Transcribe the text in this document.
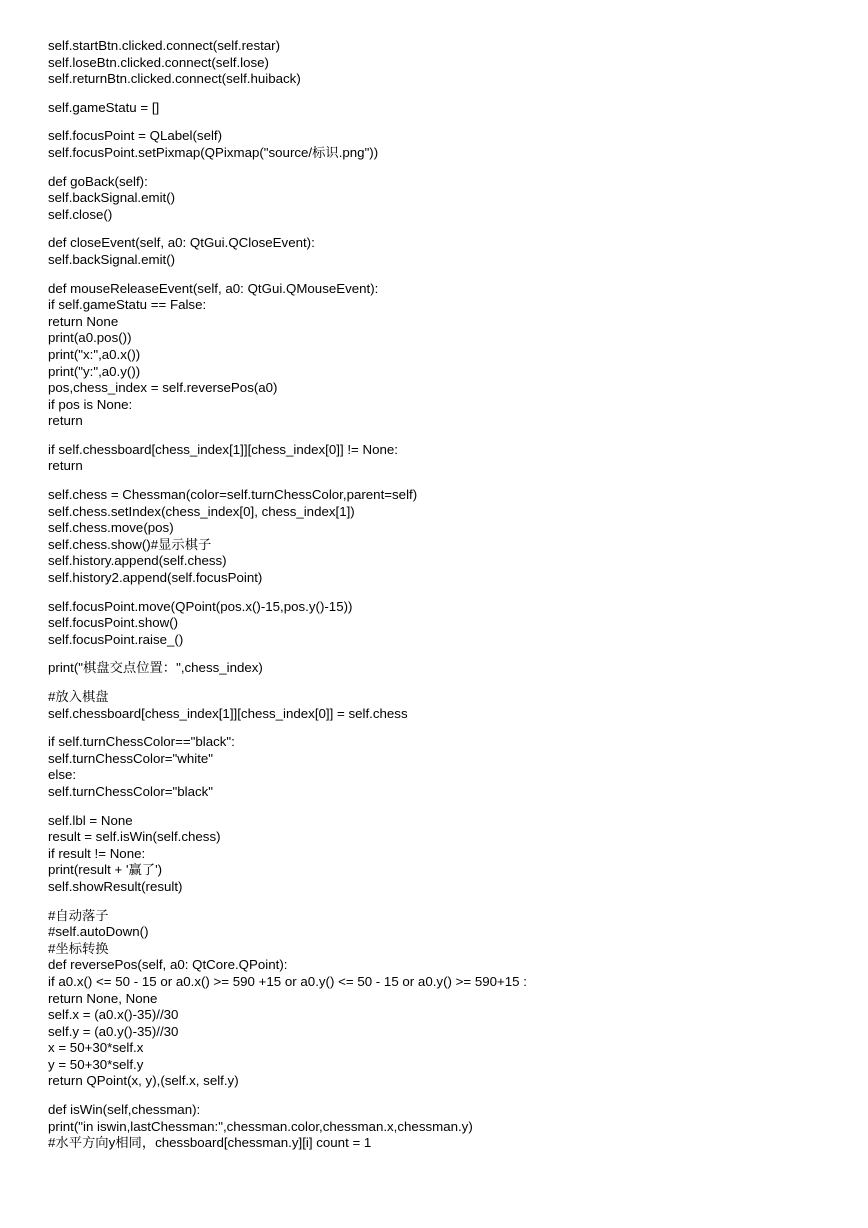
self.startBtn.clicked.connect(self.restar)
self.loseBtn.clicked.connect(self.lose)
self.returnBtn.clicked.connect(self.huiback)
self.gameStatu = []
self.focusPoint = QLabel(self)
self.focusPoint.setPixmap(QPixmap("source/标识.png"))
def goBack(self):
self.backSignal.emit()
self.close()
def closeEvent(self, a0: QtGui.QCloseEvent):
self.backSignal.emit()
def mouseReleaseEvent(self, a0: QtGui.QMouseEvent):
if self.gameStatu == False:
return None
print(a0.pos())
print("x:",a0.x())
print("y:",a0.y())
pos,chess_index = self.reversePos(a0)
if pos is None:
return
if self.chessboard[chess_index[1]][chess_index[0]] != None:
return
self.chess = Chessman(color=self.turnChessColor,parent=self)
self.chess.setIndex(chess_index[0], chess_index[1])
self.chess.move(pos)
self.chess.show()#显示棋子
self.history.append(self.chess)
self.history2.append(self.focusPoint)
self.focusPoint.move(QPoint(pos.x()-15,pos.y()-15))
self.focusPoint.show()
self.focusPoint.raise_()
print("棋盘交点位置：",chess_index)
#放入棋盘
self.chessboard[chess_index[1]][chess_index[0]] = self.chess
if self.turnChessColor=="black":
self.turnChessColor="white"
else:
self.turnChessColor="black"
self.lbl = None
result = self.isWin(self.chess)
if result != None:
print(result + '赢了')
self.showResult(result)
#自动落子
#self.autoDown()
#坐标转换
def reversePos(self, a0: QtCore.QPoint):
if a0.x() <= 50 - 15 or a0.x() >= 590 +15 or a0.y() <= 50 - 15 or a0.y() >= 590+15 :
return None, None
self.x = (a0.x()-35)//30
self.y = (a0.y()-35)//30
x = 50+30*self.x
y = 50+30*self.y
return QPoint(x, y),(self.x, self.y)
def isWin(self,chessman):
print("in iswin,lastChessman:",chessman.color,chessman.x,chessman.y)
#水平方向y相同，chessboard[chessman.y][i] count = 1
